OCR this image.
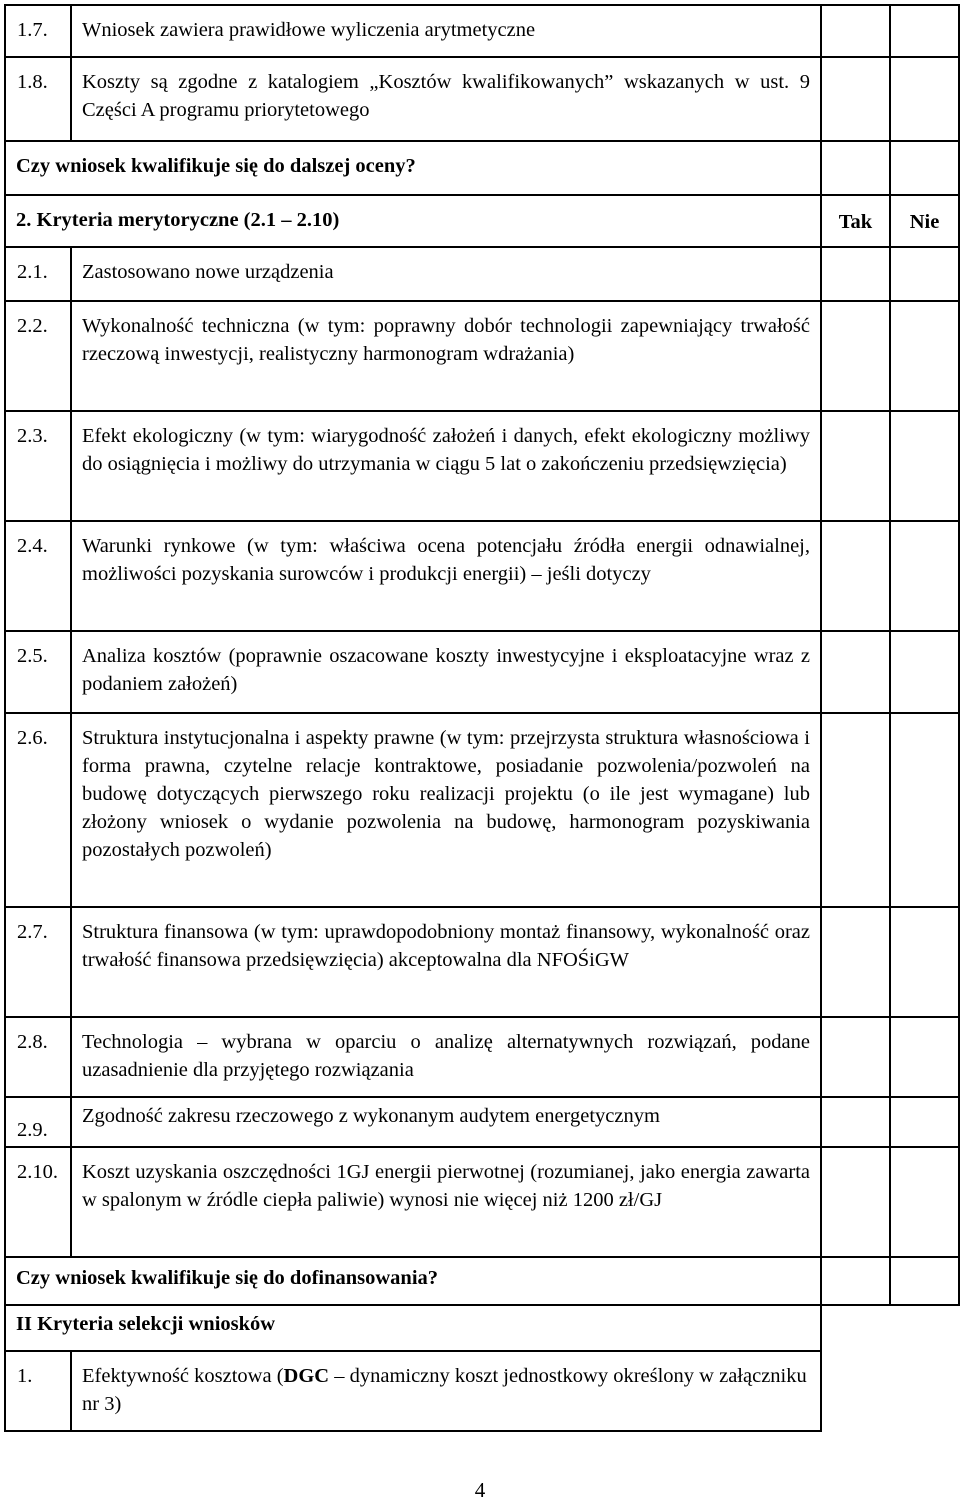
1.7.	Wniosek zawiera prawidłowe wyliczenia arytmetyczne		
1.8.	Koszty są zgodne z katalogiem „Kosztów kwalifikowanych” wskazanych w ust. 9 Części A programu priorytetowego		
Czy wniosek kwalifikuje się do dalszej oceny?			
2. Kryteria merytoryczne (2.1 – 2.10)		Tak	Nie
2.1.	Zastosowano nowe urządzenia		
2.2.	Wykonalność techniczna (w tym: poprawny dobór technologii zapewniający trwałość rzeczową inwestycji, realistyczny harmonogram wdrażania)		
2.3.	Efekt ekologiczny (w tym: wiarygodność założeń i danych, efekt ekologiczny możliwy do osiągnięcia i możliwy do utrzymania w ciągu 5 lat o zakończeniu przedsięwzięcia)		
2.4.	Warunki rynkowe (w tym: właściwa ocena potencjału źródła energii odnawialnej, możliwości pozyskania surowców i produkcji energii) – jeśli dotyczy		
2.5.	Analiza kosztów (poprawnie oszacowane koszty inwestycyjne i eksploatacyjne wraz z podaniem założeń)		
2.6.	Struktura instytucjonalna i aspekty prawne (w tym: przejrzysta struktura własnościowa i forma prawna, czytelne relacje kontraktowe, posiadanie pozwolenia/pozwoleń na budowę dotyczących pierwszego roku realizacji projektu (o ile jest wymagane) lub złożony wniosek o wydanie pozwolenia na budowę, harmonogram pozyskiwania pozostałych pozwoleń)		
2.7.	Struktura finansowa (w tym: uprawdopodobniony montaż finansowy, wykonalność oraz trwałość finansowa przedsięwzięcia) akceptowalna dla NFOŚiGW		
2.8.	Technologia – wybrana w oparciu o analizę alternatywnych rozwiązań, podane uzasadnienie dla przyjętego rozwiązania		
2.9.	Zgodność zakresu rzeczowego z wykonanym audytem energetycznym		
2.10.	Koszt uzyskania oszczędności 1GJ energii pierwotnej (rozumianej, jako energia zawarta w spalonym w źródle ciepła paliwie) wynosi nie więcej niż 1200 zł/GJ		
Czy wniosek kwalifikuje się do dofinansowania?			
II Kryteria selekcji wniosków			
1.	Efektywność kosztowa (DGC – dynamiczny koszt jednostkowy określony w załączniku nr 3)		
4
